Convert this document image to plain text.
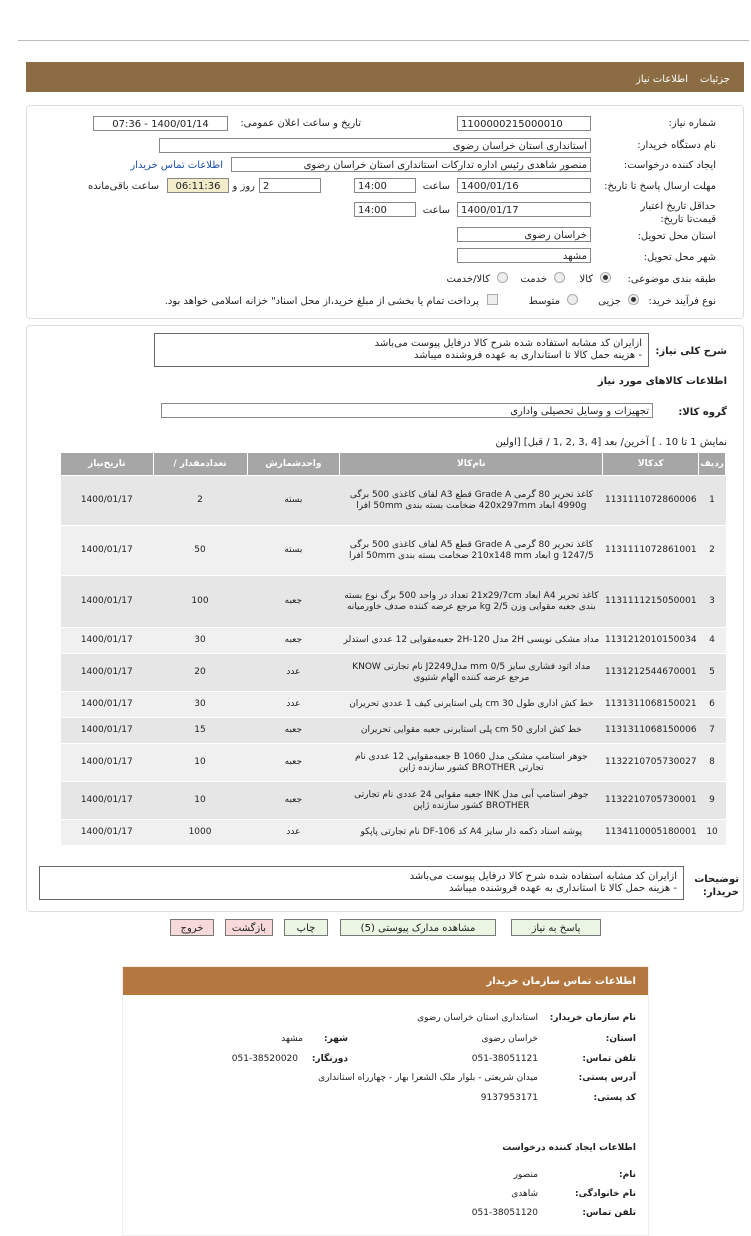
جزئیات
اطلاعات نیاز
شماره نیاز:
1100000215000010
تاریخ و ساعت اعلان عمومی:
1400/01/14 - 07:36
نام دستگاه خریدار:
استانداری استان خراسان رضوی
ایجاد کننده درخواست:
منصور شاهدی رئیس اداره تدارکات استانداری استان خراسان رضوی
اطلاعات تماس خریدار
مهلت ارسال پاسخ تا تاریخ:
1400/01/16
ساعت
14:00
2
روز و
06:11:36
ساعت باقی‌مانده
حداقل تاریخ اعتبار قیمت‌تا تاریخ:
1400/01/17
ساعت
14:00
استان محل تحویل:
خراسان رضوی
شهر محل تحویل:
مشهد
طبقه بندی موضوعی:
کالا
خدمت
کالا/خدمت
نوع فرآیند خرید:
جزیی
متوسط
پرداخت تمام یا بخشی از مبلغ خرید،از محل اسناد" خزانه اسلامی خواهد بود.
شرح کلی نیاز:
ازایران کد مشابه استفاده شده شرح کالا درفایل پیوست می‌باشد
- هزینه حمل کالا تا استانداری به عهده فروشنده میباشد
اطلاعات کالاهای مورد نیاز
گروه کالا:
تجهیزات و وسایل تحصیلی واداری
نمایش 1 تا 10 . ] آخرین/ بعد [4 ,3 ,2 ,1 / قبل] [اولین
ردیف	کدکالا	نام‌کالا	واحدشمارش	تعدادمقدار /	تاریخ‌نیاز
1	1131111072860006	کاغذ تحریر 80 گرمی Grade A قطع A3 لفاف کاغذی 500 برگی 4990g ابعاد 420x297mm ضخامت بسته بندی 50mm افرا	بسته	2	1400/01/17
2	1131111072861001	کاغذ تحریر 80 گرمی Grade A قطع A5 لفاف کاغذی 500 برگی 1247/5 g ابعاد 210x148 mm ضخامت بسته بندی 50mm افرا	بسته	50	1400/01/17
3	1131111215050001	کاغذ تحریر A4 ابعاد 21x29/7cm تعداد در واحد 500 برگ نوع بسته بندی جعبه مقوایی وزن 2/5 kg مرجع عرضه کننده صدف خاورمیانه	جعبه	100	1400/01/17
4	1131212010150034	مداد مشکی نویسی 2H مدل 2H-120 جعبه‌مقوایی 12 عددی استدلر	جعبه	30	1400/01/17
5	1131212544670001	مداد اتود فشاری سایز 0/5 mm مدلJ2249 نام تجارتی KNOW مرجع عرضه کننده الهام شتیوی	عدد	20	1400/01/17
6	1131311068150021	خط کش اداری طول 30 cm پلی استایرنی کیف 1 عددی تحریران	عدد	30	1400/01/17
7	1131311068150006	خط کش اداری 50 cm پلی استایرنی جعبه مقوایی تحریران	جعبه	15	1400/01/17
8	1132210705730027	جوهر استامپ مشکی مدل B 1060 جعبه‌مقوایی 12 عددی نام تجارتی BROTHER کشور سازنده ژاپن	جعبه	10	1400/01/17
9	1132210705730001	جوهر استامپ آبی مدل INK جعبه مقوایی 24 عددی نام تجارتی BROTHER کشور سازنده ژاپن	جعبه	10	1400/01/17
10	1134110005180001	پوشه اسناد دکمه دار سایز A4 کد DF-106 نام تجارتی پاپکو	عدد	1000	1400/01/17
توضیحات خریدار:
ازایران کد مشابه استفاده شده شرح کالا درفایل پیوست می‌باشد
- هزینه حمل کالا تا استانداری به عهده فروشنده میباشد
پاسخ به نیاز
مشاهده مدارک پیوستی (5)
چاپ
بازگشت
خروج
اطلاعات تماس سازمان خریدار
نام سازمان خریدار:
استانداری استان خراسان رضوی
استان:
خراسان رضوی
شهر:
مشهد
تلفن تماس:
051-38051121
دورنگار:
051-38520020
آدرس پستی:
میدان شریعتی - بلوار ملک الشعرا بهار - چهارراه استانداری
کد پستی:
9137953171
اطلاعات ایجاد کننده درخواست
نام:
منصور
نام خانوادگی:
شاهدی
تلفن تماس:
051-38051120
